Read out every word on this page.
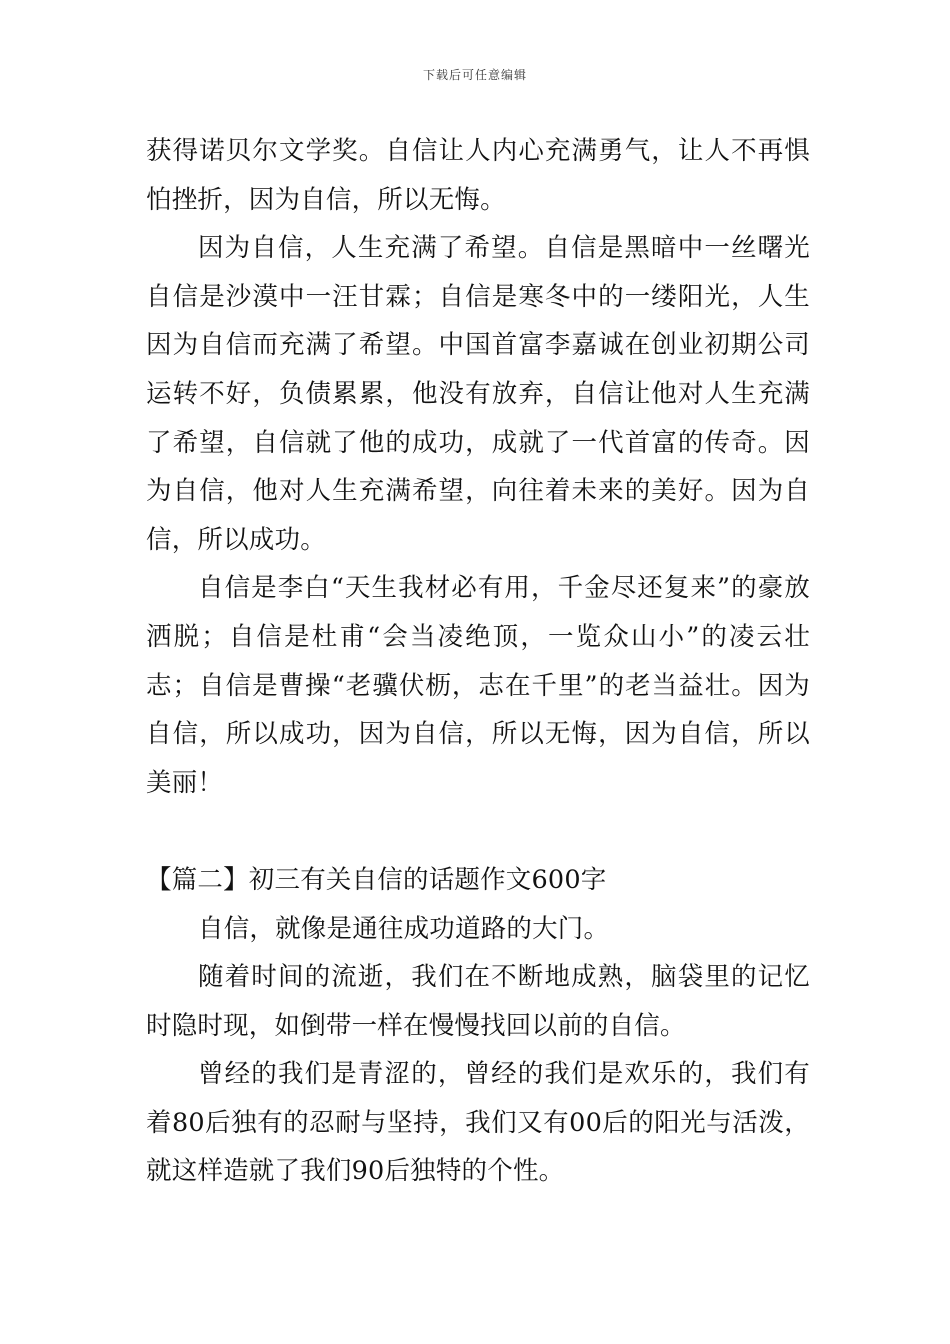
下载后可任意编辑

获得诺贝尔文学奖。自信让人内心充满勇气，让人不再惧怕挫折，因为自信，所以无悔。

因为自信，人生充满了希望。自信是黑暗中一丝曙光自信是沙漠中一汪甘霖；自信是寒冬中的一缕阳光，人生因为自信而充满了希望。中国首富李嘉诚在创业初期公司运转不好，负债累累，他没有放弃，自信让他对人生充满了希望，自信就了他的成功，成就了一代首富的传奇。因为自信，他对人生充满希望，向往着未来的美好。因为自信，所以成功。

自信是李白“天生我材必有用，千金尽还复来”的豪放洒脱；自信是杜甫“会当凌绝顶，一览众山小”的凌云壮志；自信是曹操“老骥伏枥，志在千里”的老当益壮。因为自信，所以成功，因为自信，所以无悔，因为自信，所以美丽！

【篇二】初三有关自信的话题作文600字

自信，就像是通往成功道路的大门。

随着时间的流逝，我们在不断地成熟，脑袋里的记忆时隐时现，如倒带一样在慢慢找回以前的自信。

曾经的我们是青涩的，曾经的我们是欢乐的，我们有着80后独有的忍耐与坚持，我们又有00后的阳光与活泼，就这样造就了我们90后独特的个性。
